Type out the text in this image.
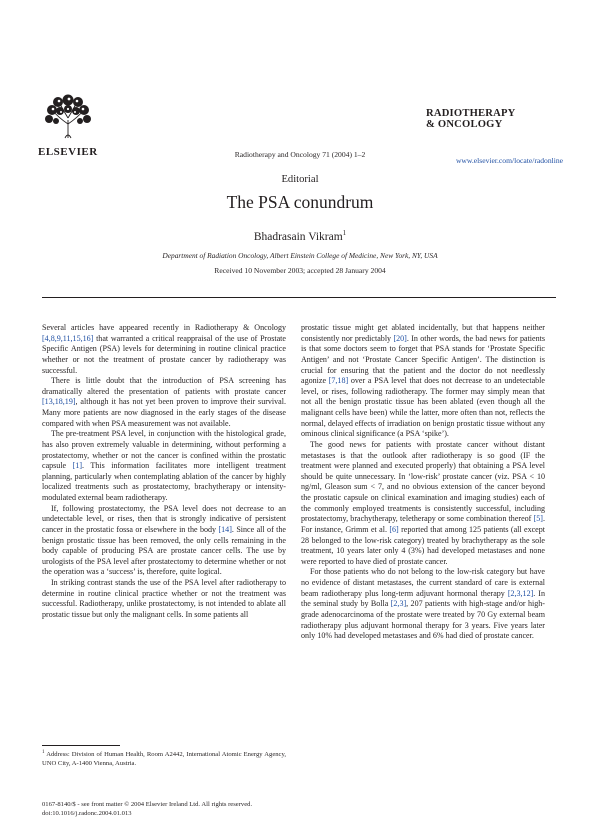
ELSEVIER	Radiotherapy and Oncology 71 (2004) 1–2
RADIOTHERAPY
& ONCOLOGY
www.elsevier.com/locate/radonline
Editorial
The PSA conundrum
Bhadrasain Vikram$^1$
Department of Radiation Oncology, Albert Einstein College of Medicine, New York, NY, USA
Received 10 November 2003; accepted 28 January 2004

Several articles have appeared recently in Radiotherapy & Oncology [4,8,9,11,15,16] that warranted a critical reappraisal of the use of Prostate Specific Antigen (PSA) levels for determining in routine clinical practice whether or not the treatment of prostate cancer by radiotherapy was successful.

There is little doubt that the introduction of PSA screening has dramatically altered the presentation of patients with prostate cancer [13,18,19], although it has not yet been proven to improve their survival. Many more patients are now diagnosed in the early stages of the disease compared with when PSA measurement was not available.

The pre-treatment PSA level, in conjunction with the histological grade, has also proven extremely valuable in determining, without performing a prostatectomy, whether or not the cancer is confined within the prostatic capsule [1]. This information facilitates more intelligent treatment planning, particularly when contemplating ablation of the cancer by highly localized treatments such as prostatectomy, brachytherapy or intensity-modulated external beam radiotherapy.

If, following prostatectomy, the PSA level does not decrease to an undetectable level, or rises, then that is strongly indicative of persistent cancer in the prostatic fossa or elsewhere in the body [14]. Since all of the benign prostatic tissue has been removed, the only cells remaining in the body capable of producing PSA are prostate cancer cells. The use by urologists of the PSA level after prostatectomy to determine whether or not the operation was a ‘success’ is, therefore, quite logical.

In striking contrast stands the use of the PSA level after radiotherapy to determine in routine clinical practice whether or not the treatment was successful. Radiotherapy, unlike prostatectomy, is not intended to ablate all prostatic tissue but only the malignant cells. In some patients all

prostatic tissue might get ablated incidentally, but that happens neither consistently nor predictably [20]. In other words, the bad news for patients is that some doctors seem to forget that PSA stands for ‘Prostate Specific Antigen’ and not ‘Prostate Cancer Specific Antigen’. The distinction is crucial for ensuring that the patient and the doctor do not needlessly agonize [7,18] over a PSA level that does not decrease to an undetectable level, or rises, following radiotherapy. The former may simply mean that not all the benign prostatic tissue has been ablated (even though all the malignant cells have been) while the latter, more often than not, reflects the normal, delayed effects of irradiation on benign prostatic tissue without any ominous clinical significance (a PSA ‘spike’).

The good news for patients with prostate cancer without distant metastases is that the outlook after radiotherapy is so good (IF the treatment were planned and executed properly) that obtaining a PSA level should be quite unnecessary. In ‘low-risk’ prostate cancer (viz. PSA < 10 ng/ml, Gleason sum < 7, and no obvious extension of the cancer beyond the prostatic capsule on clinical examination and imaging studies) each of the commonly employed treatments is consistently successful, including prostatectomy, brachytherapy, teletherapy or some combination thereof [5]. For instance, Grimm et al. [6] reported that among 125 patients (all except 28 belonged to the low-risk category) treated by brachytherapy as the sole treatment, 10 years later only 4 (3%) had developed metastases and none were reported to have died of prostate cancer.

For those patients who do not belong to the low-risk category but have no evidence of distant metastases, the current standard of care is external beam radiotherapy plus long-term adjuvant hormonal therapy [2,3,12]. In the seminal study by Bolla [2,3], 207 patients with high-stage and/or high-grade adenocarcinoma of the prostate were treated by 70 Gy external beam radiotherapy plus adjuvant hormonal therapy for 3 years. Five years later only 10% had developed metastases and 6% had died of prostate cancer.

$^1$ Address: Division of Human Health, Room A2442, International Atomic Energy Agency, UNO City, A-1400 Vienna, Austria.
0167-8140/$ - see front matter © 2004 Elsevier Ireland Ltd. All rights reserved.
doi:10.1016/j.radonc.2004.01.013
